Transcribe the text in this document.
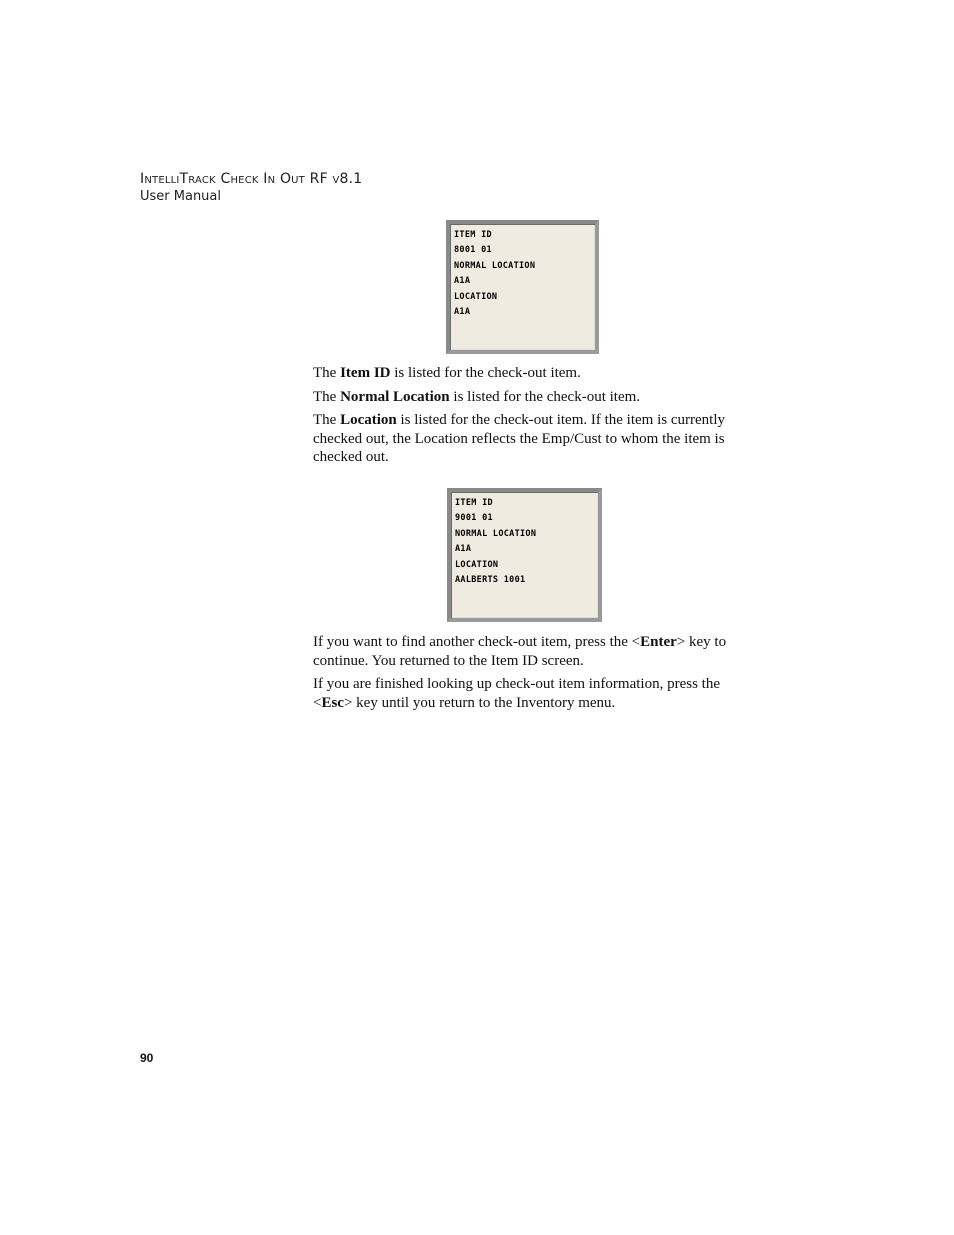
IntelliTrack Check In Out RF v8.1
User Manual
ITEM ID
8001 01
NORMAL LOCATION
A1A
LOCATION
A1A

The Item ID is listed for the check-out item.

The Normal Location is listed for the check-out item.

The Location is listed for the check-out item. If the item is currently checked out, the Location reflects the Emp/Cust to whom the item is checked out.

ITEM ID
9001 01
NORMAL LOCATION
A1A
LOCATION
AALBERTS 1001

If you want to find another check-out item, press the <Enter> key to continue. You returned to the Item ID screen.

If you are finished looking up check-out item information, press the <Esc> key until you return to the Inventory menu.

90
